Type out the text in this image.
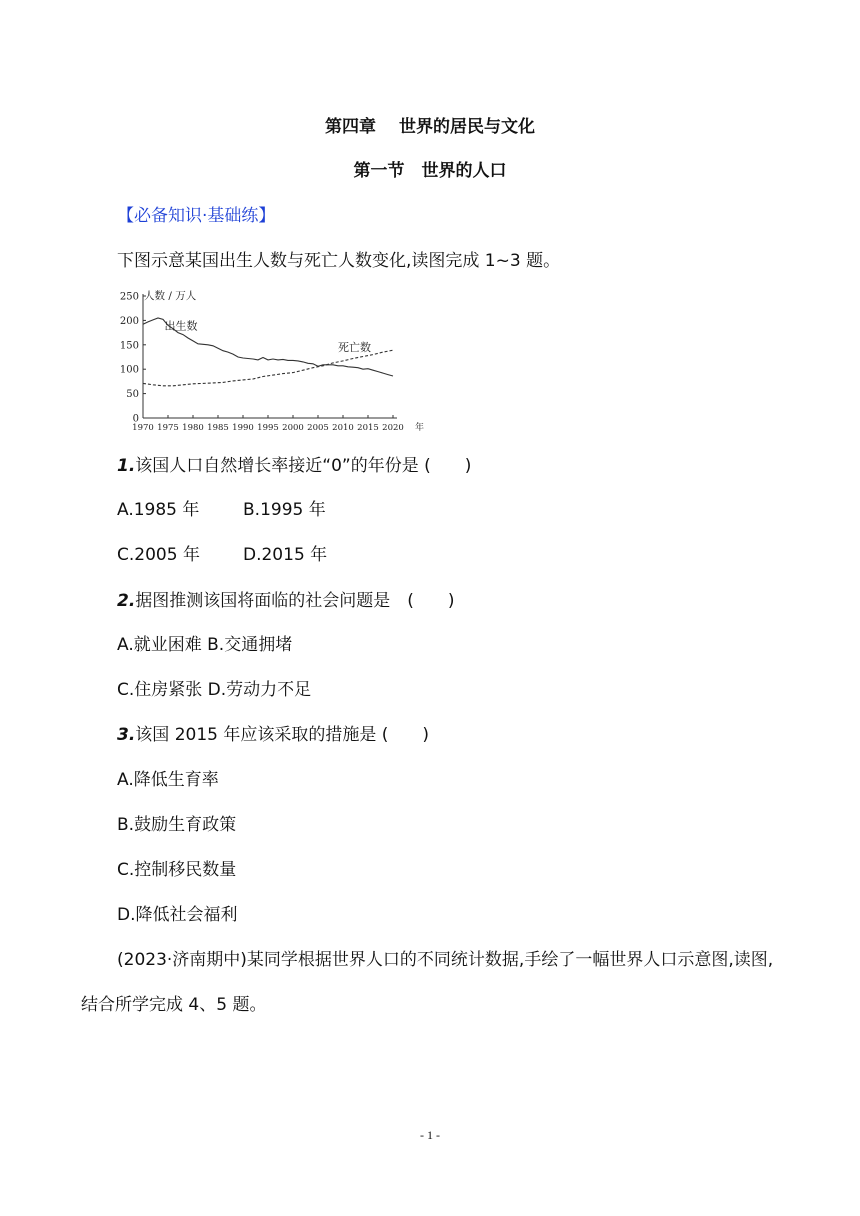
第四章　 世界的居民与文化
第一节　世界的人口
【必备知识·基础练】
下图示意某国出生人数与死亡人数变化,读图完成 1~3 题。
0
50
100
150
200
250
1970 1975 1980 1985 1990 1995 2000 2005 2010 2015 2020
人数 / 万人
年
出生数
死亡数
1.该国人口自然增长率接近“0”的年份是 (　　)
A.1985 年	B.1995 年
C.2005 年	D.2015 年
2.据图推测该国将面临的社会问题是　(　　)
A.就业困难 B.交通拥堵
C.住房紧张 D.劳动力不足
3.该国 2015 年应该采取的措施是 (　　)
A.降低生育率
B.鼓励生育政策
C.控制移民数量
D.降低社会福利
(2023·济南期中)某同学根据世界人口的不同统计数据,手绘了一幅世界人口示意图,读图,
结合所学完成 4、5 题。
- 1 -
